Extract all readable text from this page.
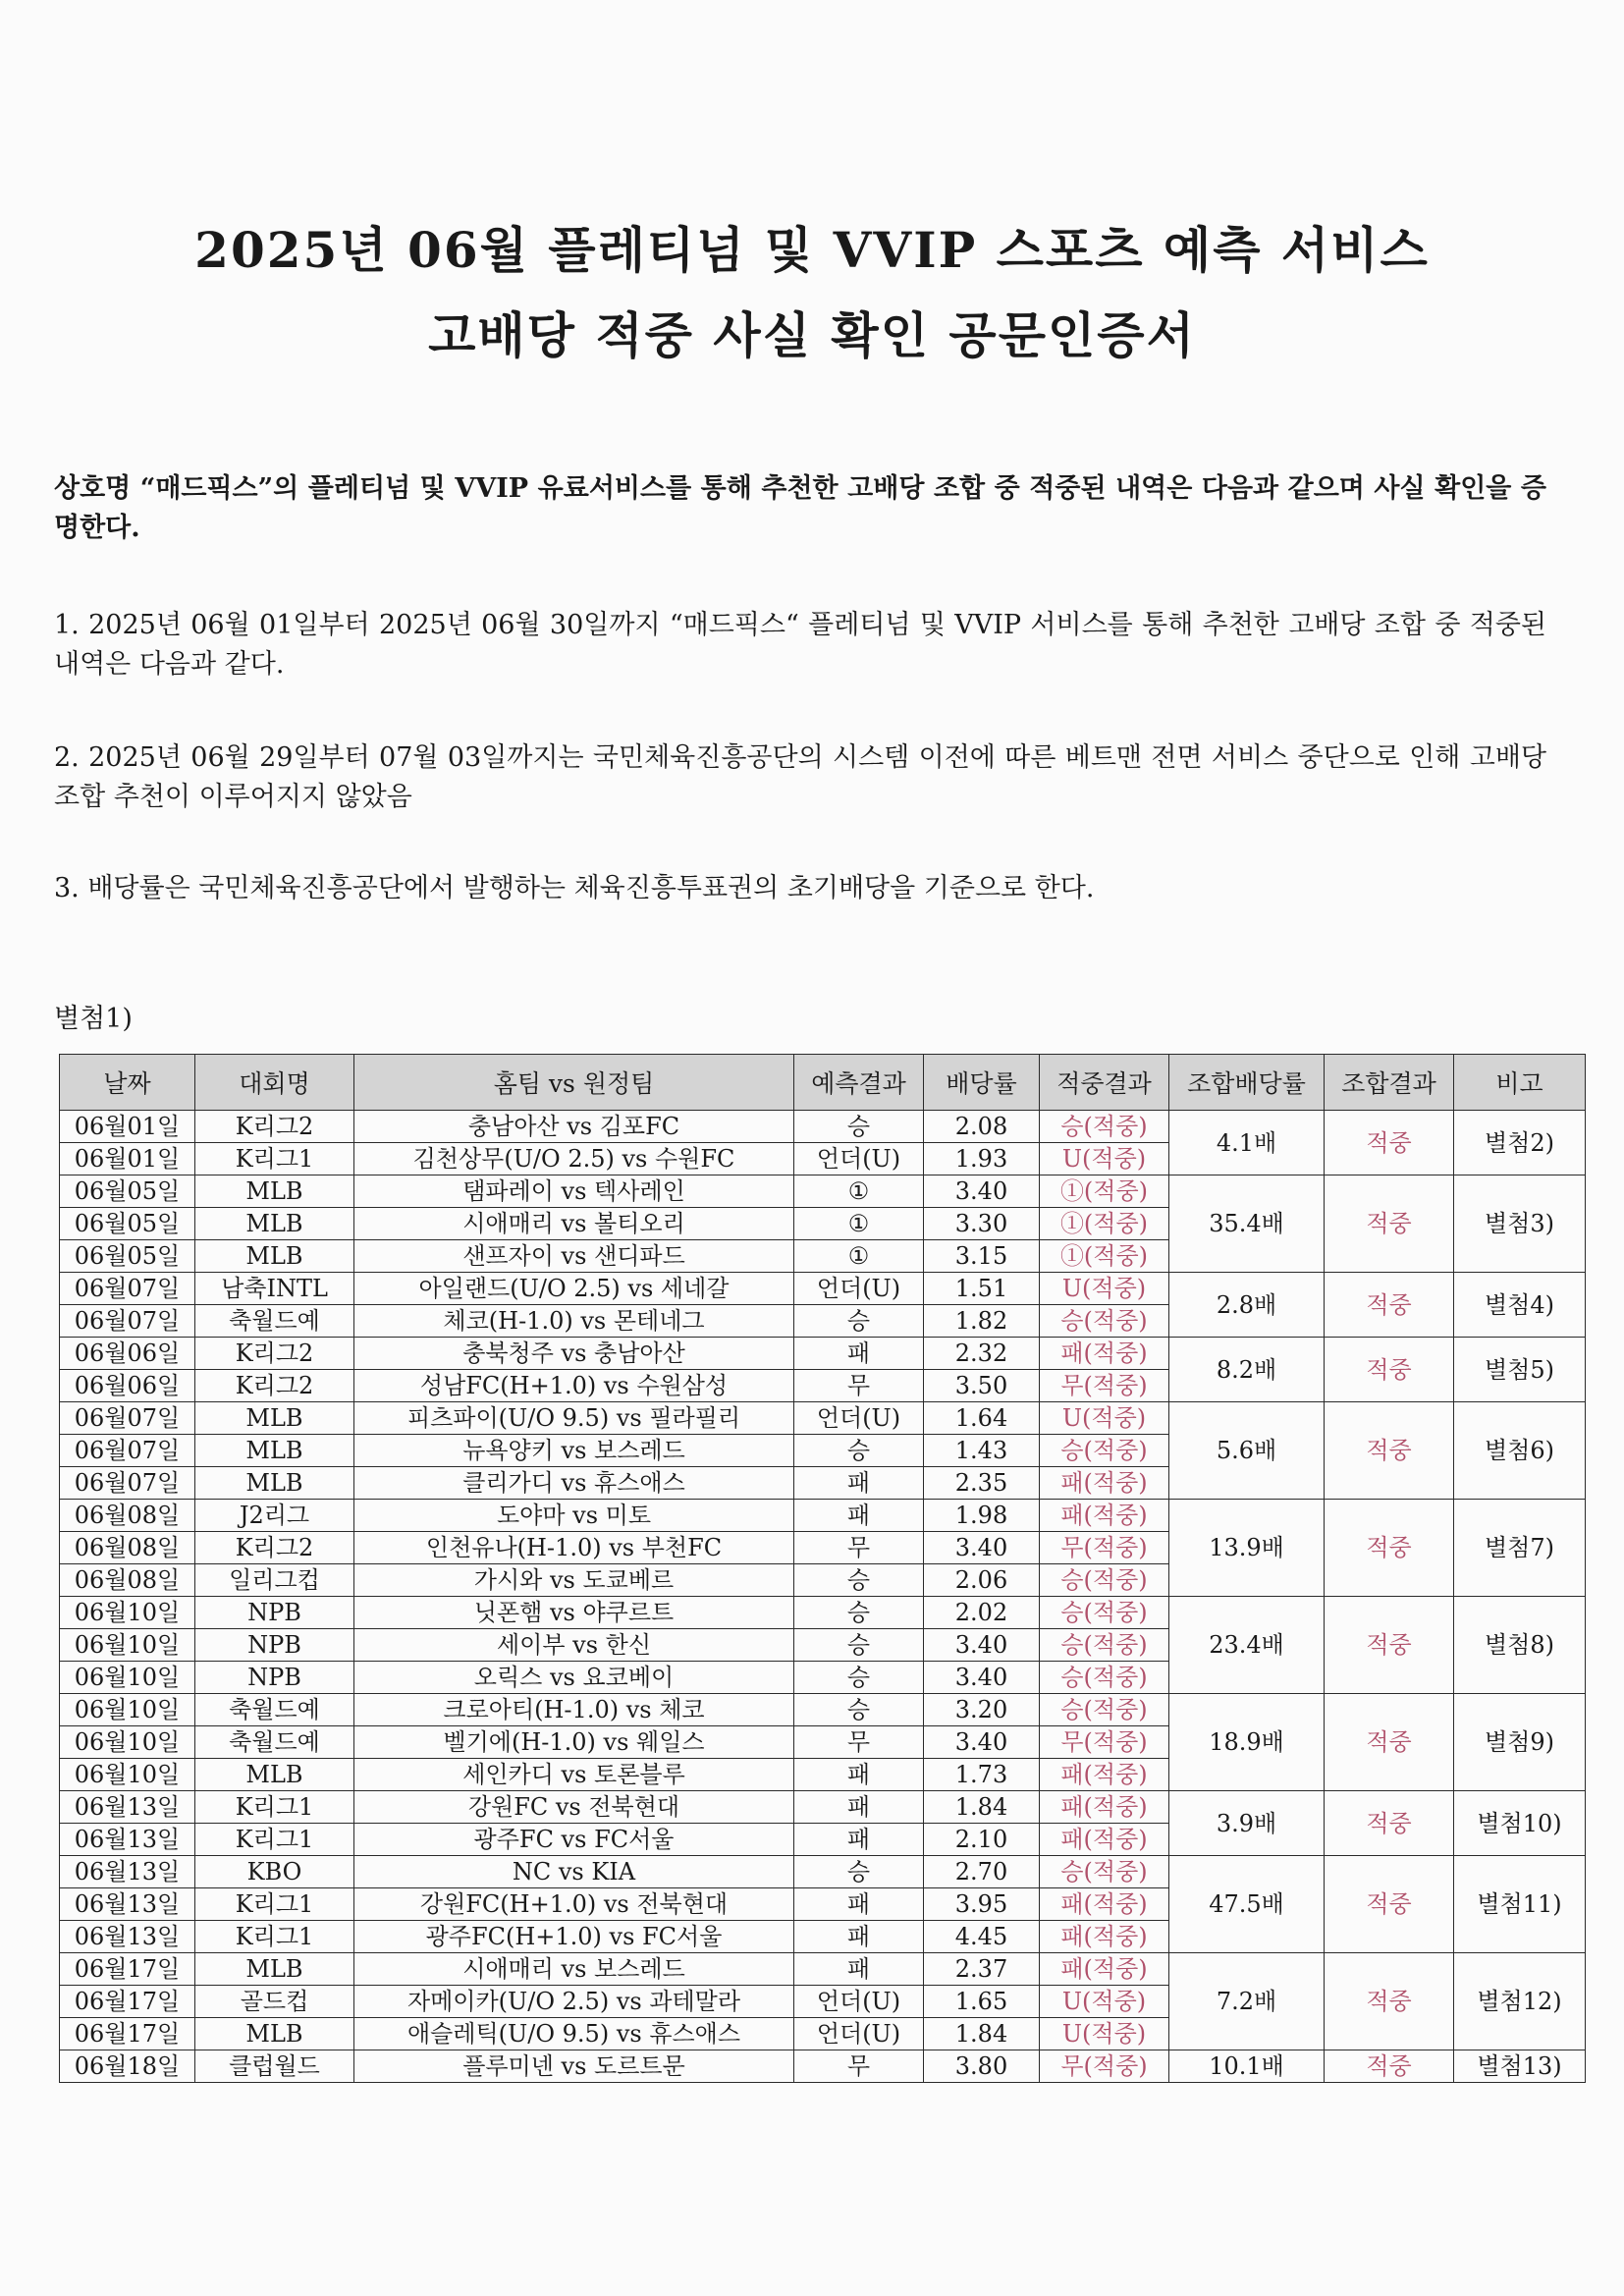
2025년 06월 플레티넘 및 VVIP 스포츠 예측 서비스
고배당 적중 사실 확인 공문인증서
상호명 “매드픽스”의 플레티넘 및 VVIP 유료서비스를 통해 추천한 고배당 조합 중 적중된 내역은 다음과 같으며 사실 확인을 증명한다.
1. 2025년 06월 01일부터 2025년 06월 30일까지 “매드픽스“ 플레티넘 및 VVIP 서비스를 통해 추천한 고배당 조합 중 적중된 내역은 다음과 같다.
2. 2025년 06월 29일부터 07월 03일까지는 국민체육진흥공단의 시스템 이전에 따른 베트맨 전면 서비스 중단으로 인해 고배당 조합 추천이 이루어지지 않았음
3. 배당률은 국민체육진흥공단에서 발행하는 체육진흥투표권의 초기배당을 기준으로 한다.
별첨1)
날짜	대회명	홈팀 vs 원정팀	예측결과	배당률	적중결과	조합배당률	조합결과	비고
06월01일	K리그2	충남아산 vs 김포FC	승	2.08	승(적중)	4.1배	적중	별첨2)
06월01일	K리그1	김천상무(U/O 2.5) vs 수원FC	언더(U)	1.93	U(적중)			
06월05일	MLB	탬파레이 vs 텍사레인	①	3.40	①(적중)	35.4배	적중	별첨3)
06월05일	MLB	시애매리 vs 볼티오리	①	3.30	①(적중)			
06월05일	MLB	샌프자이 vs 샌디파드	①	3.15	①(적중)			
06월07일	남축INTL	아일랜드(U/O 2.5) vs 세네갈	언더(U)	1.51	U(적중)	2.8배	적중	별첨4)
06월07일	축월드예	체코(H-1.0) vs 몬테네그	승	1.82	승(적중)			
06월06일	K리그2	충북청주 vs 충남아산	패	2.32	패(적중)	8.2배	적중	별첨5)
06월06일	K리그2	성남FC(H+1.0) vs 수원삼성	무	3.50	무(적중)			
06월07일	MLB	피츠파이(U/O 9.5) vs 필라필리	언더(U)	1.64	U(적중)	5.6배	적중	별첨6)
06월07일	MLB	뉴욕양키 vs 보스레드	승	1.43	승(적중)			
06월07일	MLB	클리가디 vs 휴스애스	패	2.35	패(적중)			
06월08일	J2리그	도야마 vs 미토	패	1.98	패(적중)	13.9배	적중	별첨7)
06월08일	K리그2	인천유나(H-1.0) vs 부천FC	무	3.40	무(적중)			
06월08일	일리그컵	가시와 vs 도쿄베르	승	2.06	승(적중)			
06월10일	NPB	닛폰햄 vs 야쿠르트	승	2.02	승(적중)	23.4배	적중	별첨8)
06월10일	NPB	세이부 vs 한신	승	3.40	승(적중)			
06월10일	NPB	오릭스 vs 요코베이	승	3.40	승(적중)			
06월10일	축월드예	크로아티(H-1.0) vs 체코	승	3.20	승(적중)	18.9배	적중	별첨9)
06월10일	축월드예	벨기에(H-1.0) vs 웨일스	무	3.40	무(적중)			
06월10일	MLB	세인카디 vs 토론블루	패	1.73	패(적중)			
06월13일	K리그1	강원FC vs 전북현대	패	1.84	패(적중)	3.9배	적중	별첨10)
06월13일	K리그1	광주FC vs FC서울	패	2.10	패(적중)			
06월13일	KBO	NC vs KIA	승	2.70	승(적중)	47.5배	적중	별첨11)
06월13일	K리그1	강원FC(H+1.0) vs 전북현대	패	3.95	패(적중)			
06월13일	K리그1	광주FC(H+1.0) vs FC서울	패	4.45	패(적중)			
06월17일	MLB	시애매리 vs 보스레드	패	2.37	패(적중)	7.2배	적중	별첨12)
06월17일	골드컵	자메이카(U/O 2.5) vs 과테말라	언더(U)	1.65	U(적중)			
06월17일	MLB	애슬레틱(U/O 9.5) vs 휴스애스	언더(U)	1.84	U(적중)			
06월18일	클럽월드	플루미넨 vs 도르트문	무	3.80	무(적중)	10.1배	적중	별첨13)
